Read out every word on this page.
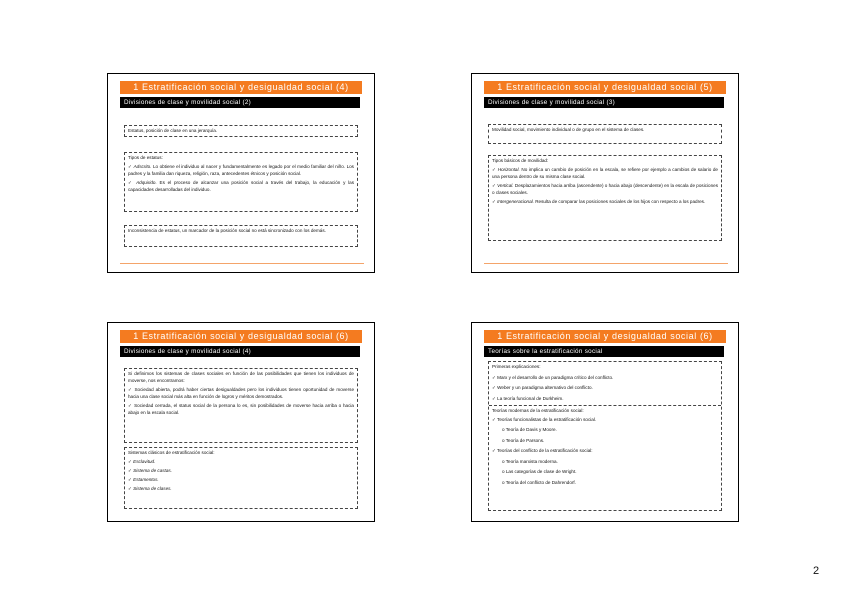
1 Estratificación social y desigualdad social (4)
Divisiones de clase y movilidad social (2)

Estatus, posición de clase en una jerarquía.

Tipos de estatus:

✓ Adscrito. Lo obtiene el individuo al nacer y fundamentalmente es legado por el medio familiar del niño. Los padres y la familia dan riqueza, religión, raza, antecedentes étnicos y posición social.

✓ Adquirido. Es el proceso de alcanzar una posición social a través del trabajo, la educación y las capacidades desarrolladas del individuo.

Inconsistencia de estatus, un marcador de la posición social no está sincronizado con los demás.

1 Estratificación social y desigualdad social (5)
Divisiones de clase y movilidad social (3)

Movilidad social, movimiento individual o de grupo en el sistema de clases.

Tipos básicos de movilidad:

✓ Horizontal. No implica un cambio de posición en la escala, se refiere por ejemplo a cambios de salario de una persona dentro de su misma clase social.

✓ Vertical. Desplazamientos hacia arriba (ascendente) o hacia abajo (descendente) en la escala de posiciones o clases sociales.

✓ Intergeneracional. Resulta de comparar las posiciones sociales de los hijos con respecto a los padres.

1 Estratificación social y desigualdad social (6)
Divisiones de clase y movilidad social (4)

Si definimos los sistemas de clases sociales en función de las posibilidades que tienen los individuos de moverse, nos encontramos:

✓ Sociedad abierta, podrá haber ciertas desigualdades pero los individuos tienen oportunidad de moverse hacia una clase social más alta en función de logros y méritos demostrados.

✓ Sociedad cerrada, el status social de la persona lo es, sin posibilidades de moverse hacia arriba o hacia abajo en la escala social.

Sistemas clásicos de estratificación social:

✓ Esclavitud.

✓ Sistema de castas.

✓ Estamentos.

✓ Sistema de clases.

1 Estratificación social y desigualdad social (6)
Teorías sobre la estratificación social

Primeras explicaciones:

✓ Marx y el desarrollo de un paradigma crítico del conflicto.

✓ Weber y un paradigma alternativo del conflicto.

✓ La teoría funcional de Durkheim.

Teorías modernas de la estratificación social:

✓ Teorías funcionalistas de la estratificación social.

o Teoría de Davis y Moore.

o Teoría de Parsons.

✓ Teorías del conflicto de la estratificación social:

o Teoría marxista moderna.

o Las categorías de clase de Wright.

o Teoría del conflicto de Dahrendorf.

2
